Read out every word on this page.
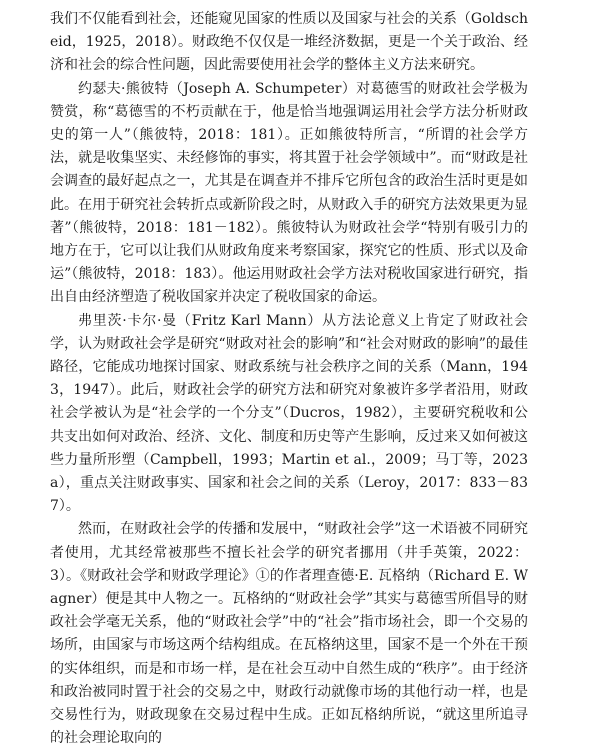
我们不仅能看到社会，还能窥见国家的性质以及国家与社会的关系（Goldscheid，1925，2018）。财政绝不仅仅是一堆经济数据，更是一个关于政治、经济和社会的综合性问题，因此需要使用社会学的整体主义方法来研究。

约瑟夫·熊彼特（Joseph A. Schumpeter）对葛德雪的财政社会学极为赞赏，称“葛德雪的不朽贡献在于，他是恰当地强调运用社会学方法分析财政史的第一人”（熊彼特，2018：181）。正如熊彼特所言，“所谓的社会学方法，就是收集坚实、未经修饰的事实，将其置于社会学领域中”。而“财政是社会调查的最好起点之一，尤其是在调查并不排斥它所包含的政治生活时更是如此。在用于研究社会转折点或新阶段之时，从财政入手的研究方法效果更为显著”（熊彼特，2018：181－182）。熊彼特认为财政社会学“特别有吸引力的地方在于，它可以让我们从财政角度来考察国家，探究它的性质、形式以及命运”（熊彼特，2018：183）。他运用财政社会学方法对税收国家进行研究，指出自由经济塑造了税收国家并决定了税收国家的命运。

弗里茨·卡尔·曼（Fritz Karl Mann）从方法论意义上肯定了财政社会学，认为财政社会学是研究“财政对社会的影响”和“社会对财政的影响”的最佳路径，它能成功地探讨国家、财政系统与社会秩序之间的关系（Mann，1943，1947）。此后，财政社会学的研究方法和研究对象被许多学者沿用，财政社会学被认为是“社会学的一个分支”（Ducros，1982），主要研究税收和公共支出如何对政治、经济、文化、制度和历史等产生影响，反过来又如何被这些力量所形塑（Campbell，1993；Martin et al.，2009；马丁等，2023a），重点关注财政事实、国家和社会之间的关系（Leroy，2017：833－837）。

然而，在财政社会学的传播和发展中，“财政社会学”这一术语被不同研究者使用，尤其经常被那些不擅长社会学的研究者挪用（井手英策，2022：3）。《财政社会学和财政学理论》①的作者理查德·E. 瓦格纳（Richard E. Wagner）便是其中人物之一。瓦格纳的“财政社会学”其实与葛德雪所倡导的财政社会学毫无关系，他的“财政社会学”中的“社会”指市场社会，即一个交易的场所，由国家与市场这两个结构组成。在瓦格纳这里，国家不是一个外在干预的实体组织，而是和市场一样，是在社会互动中自然生成的“秩序”。由于经济和政治被同时置于社会的交易之中，财政行动就像市场的其他行动一样，也是交易性行为，财政现象在交易过程中生成。正如瓦格纳所说，“就这里所追寻的社会理论取向的
